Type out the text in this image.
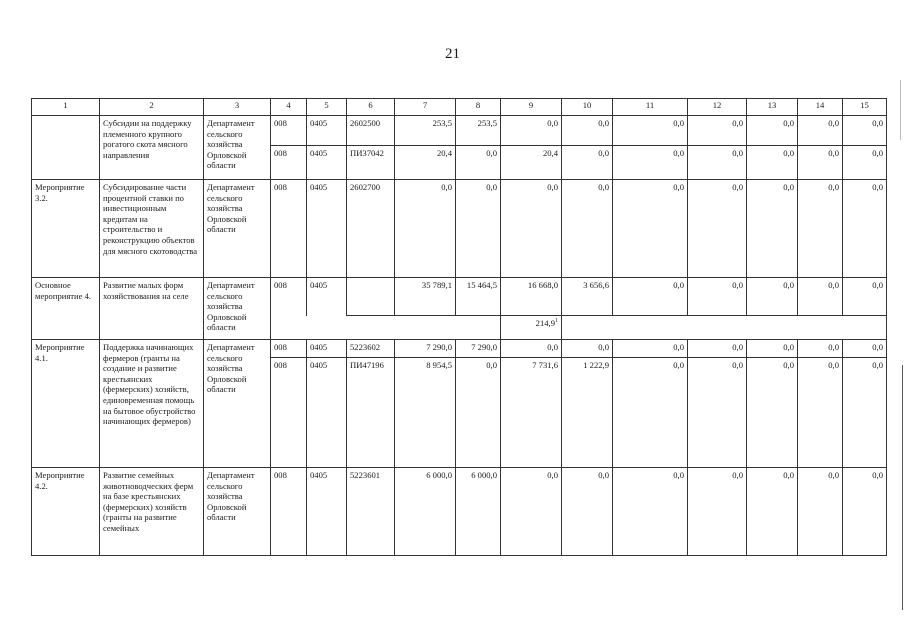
21
1	2	3	4	5	6	7	8	9	10	11	12	13	14	15
	Субсидии на поддержку племенного крупного рогатого скота мясного направления	Департамент сельского хозяйства Орловской области	008	0405	2602500	253,5	253,5	0,0	0,0	0,0	0,0	0,0	0,0	0,0
			008	0405	ПИ37042	20,4	0,0	20,4	0,0	0,0	0,0	0,0	0,0	0,0
Мероприятие 3.2.	Субсидирование части процентной ставки по инвестиционным кредитам на строительство и реконструкцию объектов для мясного скотоводства	Департамент сельского хозяйства Орловской области	008	0405	2602700	0,0	0,0	0,0	0,0	0,0	0,0	0,0	0,0	0,0
Основное мероприятие 4.	Развитие малых форм хозяйствования на селе	Департамент сельского хозяйства Орловской области	008	0405		35 789,1	15 464,5	16 668,0	3 656,6	0,0	0,0	0,0	0,0	0,0
								214,9$^1$	
Мероприятие 4.1.	Поддержка начинающих фермеров (гранты на создание и развитие крестьянских (фермерских) хозяйств, единовременная помощь на бытовое обустройство начинающих фермеров)	Департамент сельского хозяйства Орловской области	008	0405	5223602	7 290,0	7 290,0	0,0	0,0	0,0	0,0	0,0	0,0	0,0
			008	0405	ПИ47196	8 954,5	0,0	7 731,6	1 222,9	0,0	0,0	0,0	0,0	0,0
Мероприятие 4.2.	Развитие семейных животноводческих ферм на базе крестьянских (фермерских) хозяйств (гранты на развитие семейных	Департамент сельского хозяйства Орловской области	008	0405	5223601	6 000,0	6 000,0	0,0	0,0	0,0	0,0	0,0	0,0	0,0
